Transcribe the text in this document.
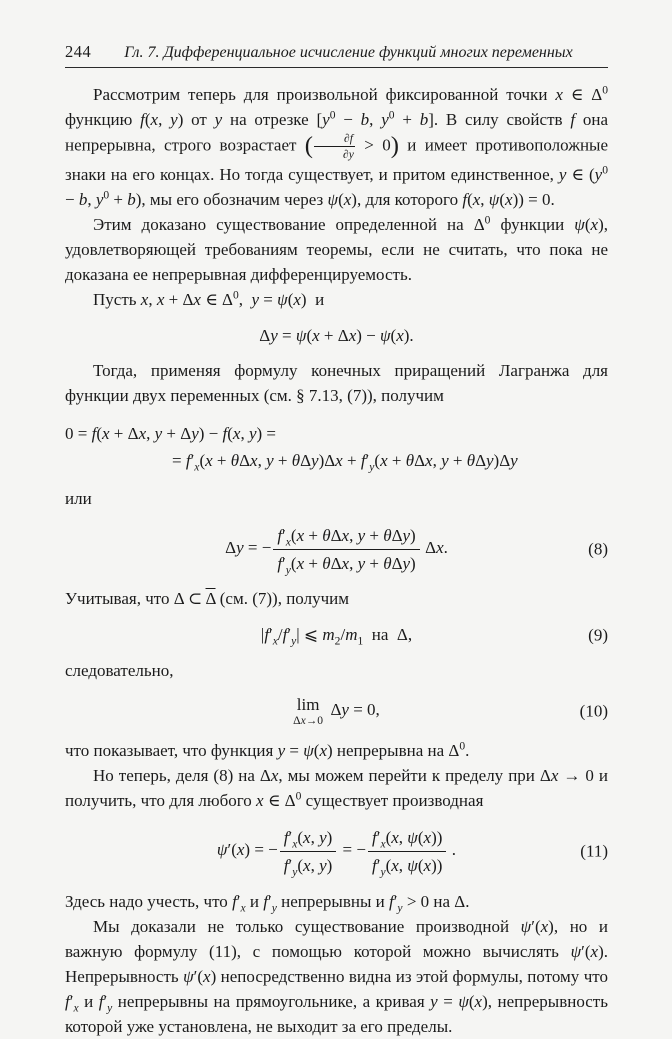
244 Гл. 7. Дифференциальное исчисление функций многих переменных

Рассмотрим теперь для произвольной фиксированной точки x ∈ $\Delta^0$ функцию f(x, y) от y на отрезке [$y^0 - b$, $y^0 + b$]. В силу свойств f она непрерывна, строго возрастает ( $\frac{\partial f}{\partial y} > 0$) и имеет противоположные знаки на его концах. Но тогда существует, и притом единственное, y ∈ ($y^0 - b$, $y^0 + b$), мы его обозначим через ψ(x), для которого f(x, ψ(x)) = 0.

Этим доказано существование определенной на $\Delta^0$ функции ψ(x), удовлетворяющей требованиям теоремы, если не считать, что пока не доказана ее непрерывная дифференцируемость.

Пусть x, x + Δx ∈ $\Delta^0$,  y = ψ(x)  и

Δy = ψ(x + Δx) − ψ(x).

Тогда, применяя формулу конечных приращений Лагранжа для функции двух переменных (см. § 7.13, (7)), получим

0 = f(x + Δx, y + Δy) − f(x, y) =
= $f'_x(x + \theta\Delta x$, $y + \theta\Delta y)\Delta x + f'_y(x + \theta\Delta x$, y + θΔy)Δy

или

Δy = − $\frac{f'_x(x + \theta\Delta x, y + \theta\Delta y)}{f'_y(x + \theta\Delta x, y + \theta\Delta y)} \Delta x$.	(8)

Учитывая, что Δ ⊂ $\overline{\Delta}$ (см. (7)), получим

$|f'_x/f'_y|$ ⩽ $m_2/m_1$  на  Δ,	(9)

следовательно,

lim
Δx→0
 Δy = 0,	(10)

что показывает, что функция y = ψ(x) непрерывна на $\Delta^0$.

Но теперь, деля (8) на Δx, мы можем перейти к пределу при Δx → 0 и получить, что для любого x ∈ $\Delta^0$ существует производная

ψ′(x) = − $\frac{f'_x(x, y)}{f'_y(x, y)}$ = − $\frac{f'_x(x, \psi(x))}{f'_y(x, \psi(x))}$  .	(11)

Здесь надо учесть, что $f'_x$ и $f'_y$ непрерывны и $f'_y > 0$ на Δ.

Мы доказали не только существование производной ψ′(x), но и важную формулу (11), с помощью которой можно вычислять ψ′(x). Непрерывность ψ′(x) непосредственно видна из этой формулы, потому что $f'_x$ и $f'_y$ непрерывны на прямоугольнике, а кривая y = ψ(x), непрерывность которой уже установлена, не выходит за его пределы.
